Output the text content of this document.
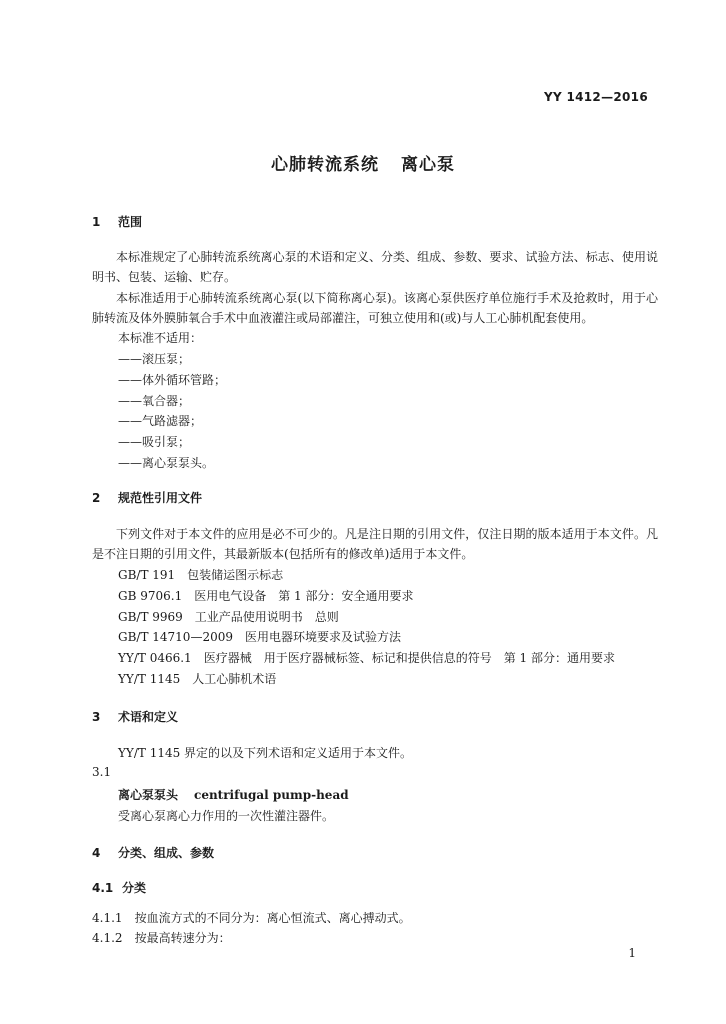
YY 1412—2016
心肺转流系统 离心泵
1 范围
本标准规定了心肺转流系统离心泵的术语和定义、分类、组成、参数、要求、试验方法、标志、使用说明书、包装、运输、贮存。
本标准适用于心肺转流系统离心泵(以下简称离心泵)。该离心泵供医疗单位施行手术及抢救时，用于心肺转流及体外膜肺氧合手术中血液灌注或局部灌注，可独立使用和(或)与人工心肺机配套使用。
本标准不适用：
——滚压泵；
——体外循环管路；
——氧合器；
——气路滤器；
——吸引泵；
——离心泵泵头。
2 规范性引用文件
下列文件对于本文件的应用是必不可少的。凡是注日期的引用文件，仅注日期的版本适用于本文件。凡是不注日期的引用文件，其最新版本(包括所有的修改单)适用于本文件。
GB/T 191　包装储运图示标志
GB 9706.1　医用电气设备　第 1 部分：安全通用要求
GB/T 9969　工业产品使用说明书　总则
GB/T 14710—2009　医用电器环境要求及试验方法
YY/T 0466.1　医疗器械　用于医疗器械标签、标记和提供信息的符号　第 1 部分：通用要求
YY/T 1145　人工心肺机术语
3 术语和定义
YY/T 1145 界定的以及下列术语和定义适用于本文件。
3.1
离心泵泵头 centrifugal pump-head
受离心泵离心力作用的一次性灌注器件。
4 分类、组成、参数
4.1 分类
4.1.1　 按血流方式的不同分为：离心恒流式、离心搏动式。
4.1.2　 按最高转速分为：
1
